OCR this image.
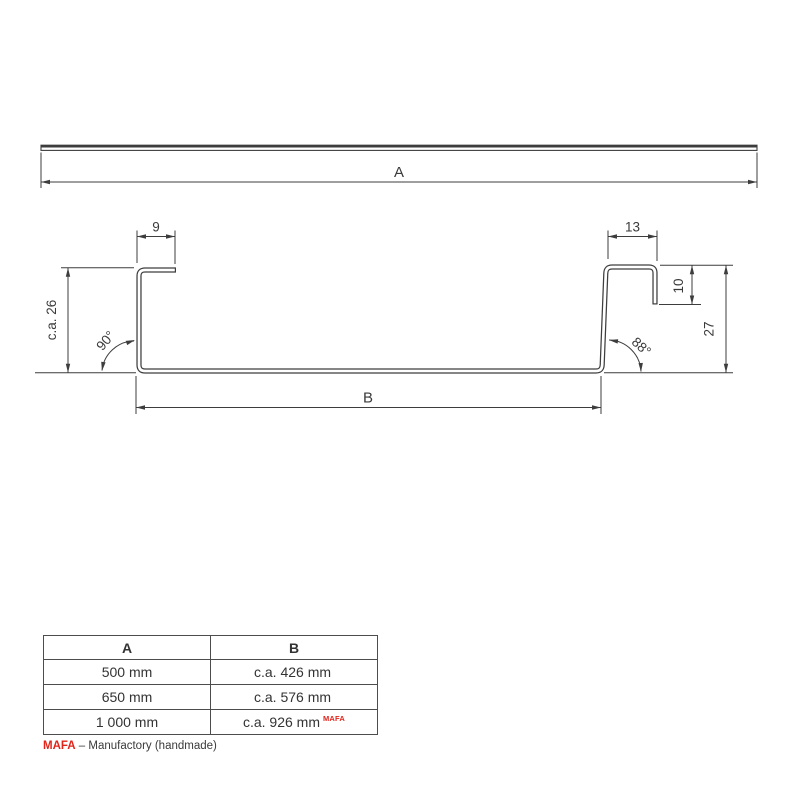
A
9	13
c.a. 26
90°	88°
10
27
B
A	B
500 mm	c.a. 426 mm
650 mm	c.a. 576 mm
1 000 mm	c.a. 926 mm $^{MAFA}$
MAFA – Manufactory (handmade)
